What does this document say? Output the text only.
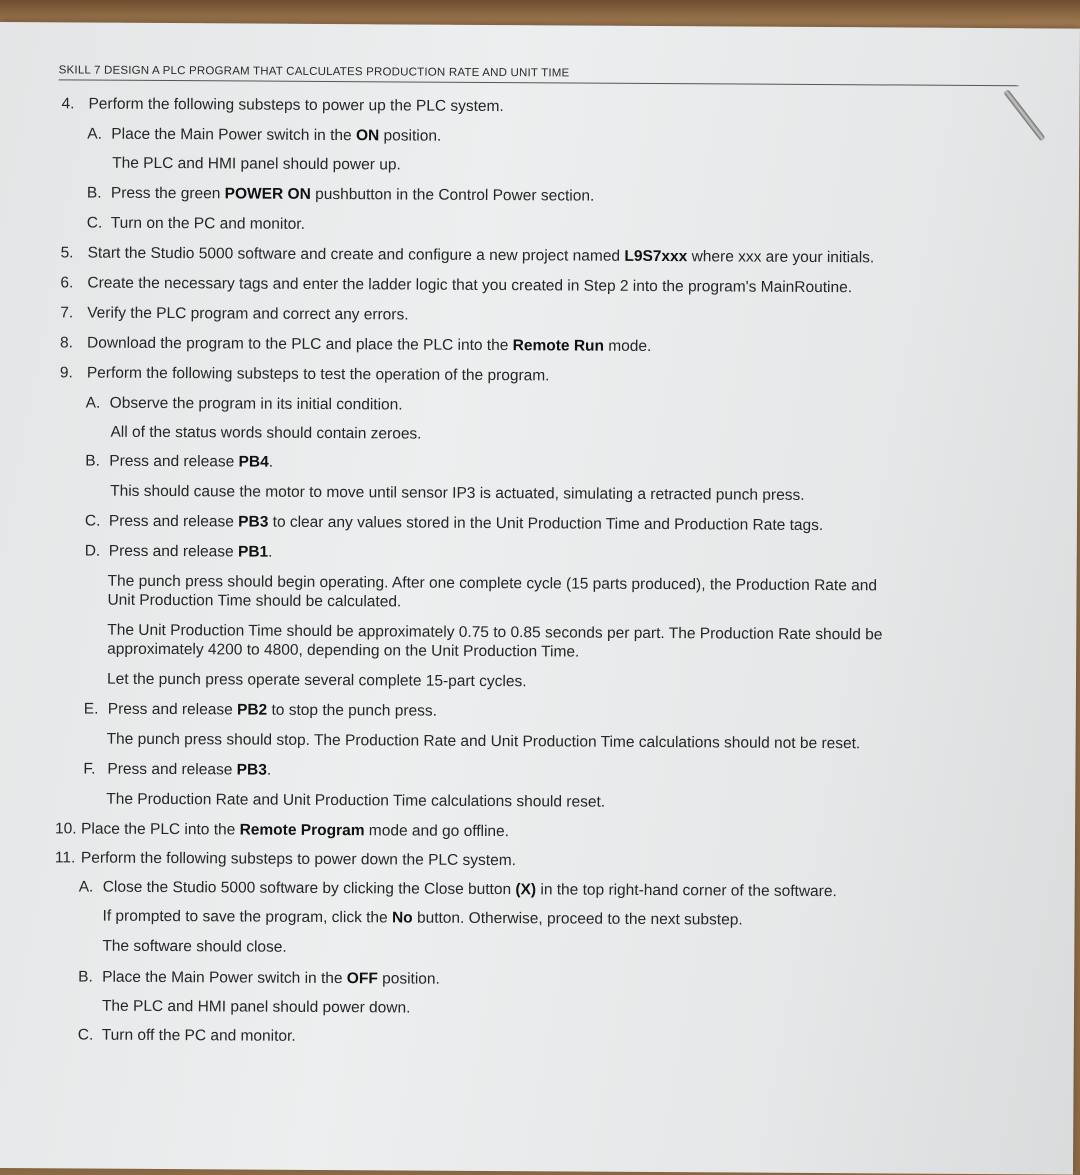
SKILL 7 DESIGN A PLC PROGRAM THAT CALCULATES PRODUCTION RATE AND UNIT TIME
4. Perform the following substeps to power up the PLC system.
A. Place the Main Power switch in the ON position.
The PLC and HMI panel should power up.
B. Press the green POWER ON pushbutton in the Control Power section.
C. Turn on the PC and monitor.
5. Start the Studio 5000 software and create and configure a new project named L9S7xxx where xxx are your initials.
6. Create the necessary tags and enter the ladder logic that you created in Step 2 into the program's MainRoutine.
7. Verify the PLC program and correct any errors.
8. Download the program to the PLC and place the PLC into the Remote Run mode.
9. Perform the following substeps to test the operation of the program.
A. Observe the program in its initial condition.
All of the status words should contain zeroes.
B. Press and release PB4.
This should cause the motor to move until sensor IP3 is actuated, simulating a retracted punch press.
C. Press and release PB3 to clear any values stored in the Unit Production Time and Production Rate tags.
D. Press and release PB1.
The punch press should begin operating. After one complete cycle (15 parts produced), the Production Rate and
Unit Production Time should be calculated.
The Unit Production Time should be approximately 0.75 to 0.85 seconds per part. The Production Rate should be
approximately 4200 to 4800, depending on the Unit Production Time.
Let the punch press operate several complete 15-part cycles.
E. Press and release PB2 to stop the punch press.
The punch press should stop. The Production Rate and Unit Production Time calculations should not be reset.
F. Press and release PB3.
The Production Rate and Unit Production Time calculations should reset.
10. Place the PLC into the Remote Program mode and go offline.
11. Perform the following substeps to power down the PLC system.
A. Close the Studio 5000 software by clicking the Close button (X) in the top right-hand corner of the software.
If prompted to save the program, click the No button. Otherwise, proceed to the next substep.
The software should close.
B. Place the Main Power switch in the OFF position.
The PLC and HMI panel should power down.
C. Turn off the PC and monitor.
